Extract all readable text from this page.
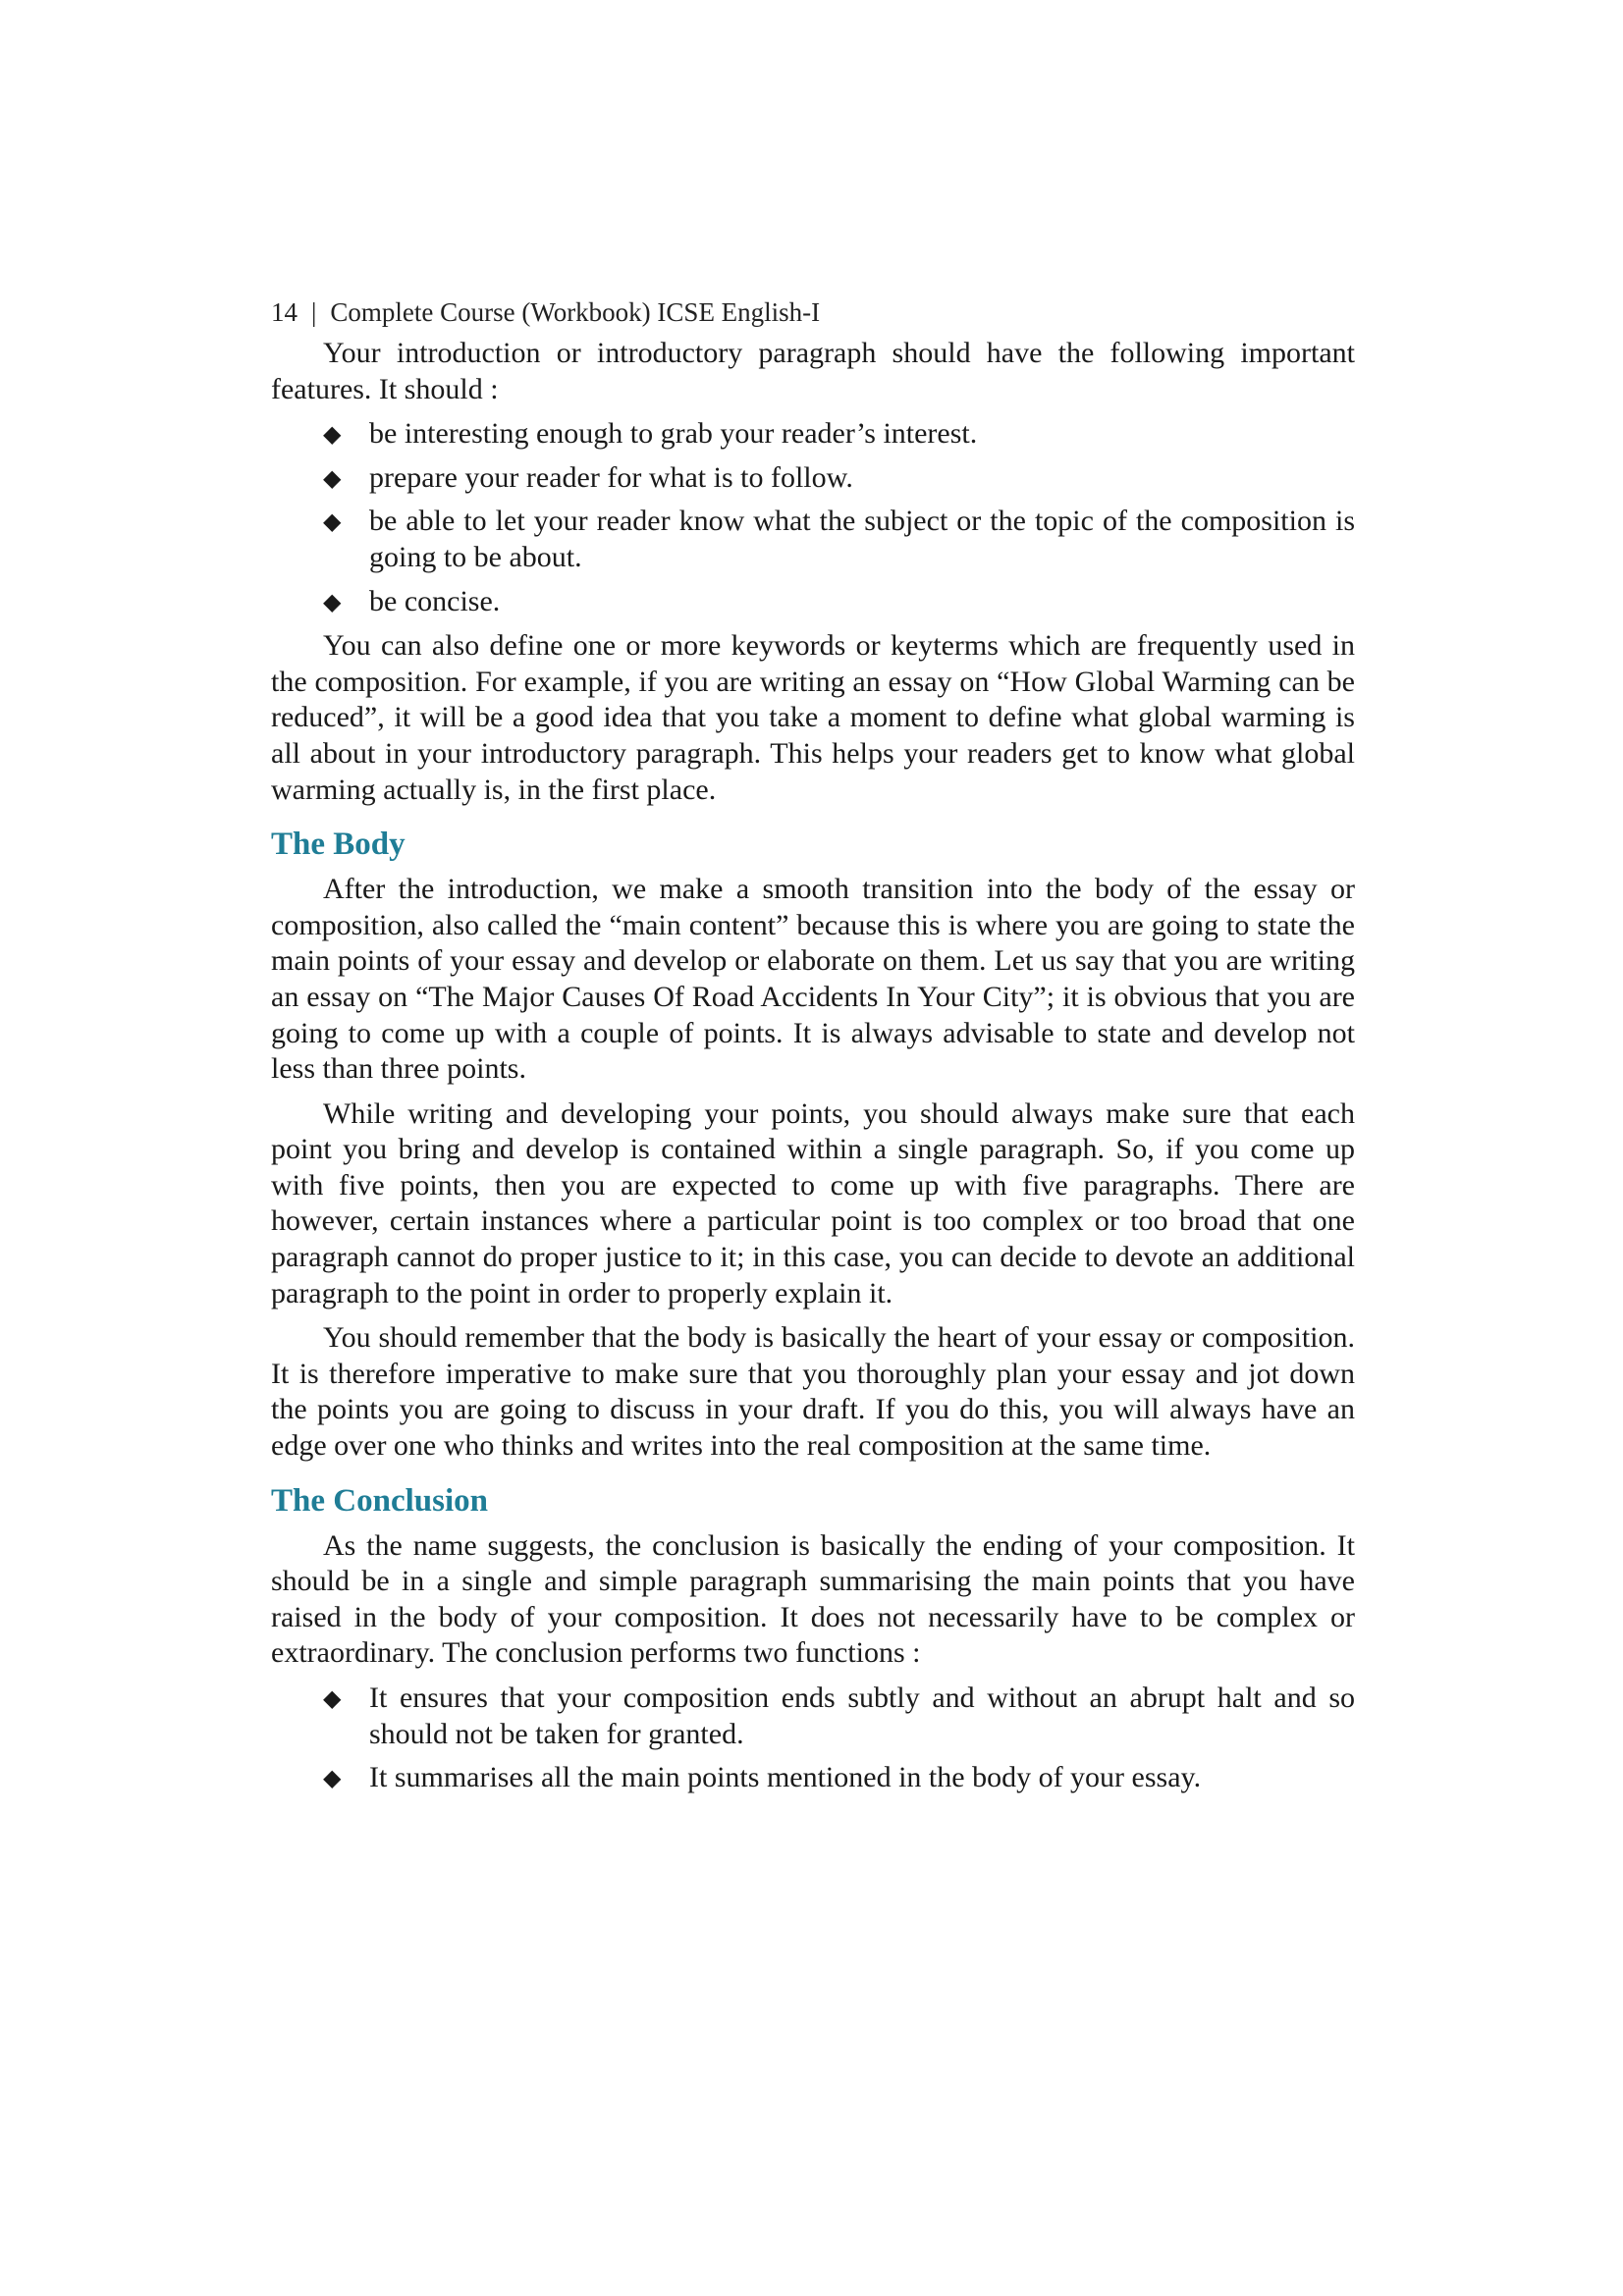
14 | Complete Course (Workbook) ICSE English-I

Your introduction or introductory paragraph should have the following important features. It should :

◆ be interesting enough to grab your reader’s interest.
◆ prepare your reader for what is to follow.
◆ be able to let your reader know what the subject or the topic of the composition is going to be about.
◆ be concise.

You can also define one or more keywords or keyterms which are frequently used in the composition. For example, if you are writing an essay on “How Global Warming can be reduced”, it will be a good idea that you take a moment to define what global warming is all about in your introductory paragraph. This helps your readers get to know what global warming actually is, in the first place.

The Body

After the introduction, we make a smooth transition into the body of the essay or composition, also called the “main content” because this is where you are going to state the main points of your essay and develop or elaborate on them. Let us say that you are writing an essay on “The Major Causes Of Road Accidents In Your City”; it is obvious that you are going to come up with a couple of points. It is always advisable to state and develop not less than three points.

While writing and developing your points, you should always make sure that each point you bring and develop is contained within a single paragraph. So, if you come up with five points, then you are expected to come up with five paragraphs. There are however, certain instances where a particular point is too complex or too broad that one paragraph cannot do proper justice to it; in this case, you can decide to devote an additional paragraph to the point in order to properly explain it.

You should remember that the body is basically the heart of your essay or composition. It is therefore imperative to make sure that you thoroughly plan your essay and jot down the points you are going to discuss in your draft. If you do this, you will always have an edge over one who thinks and writes into the real composition at the same time.

The Conclusion

As the name suggests, the conclusion is basically the ending of your composition. It should be in a single and simple paragraph summarising the main points that you have raised in the body of your composition. It does not necessarily have to be complex or extraordinary. The conclusion performs two functions :

◆ It ensures that your composition ends subtly and without an abrupt halt and so should not be taken for granted.
◆ It summarises all the main points mentioned in the body of your essay.
